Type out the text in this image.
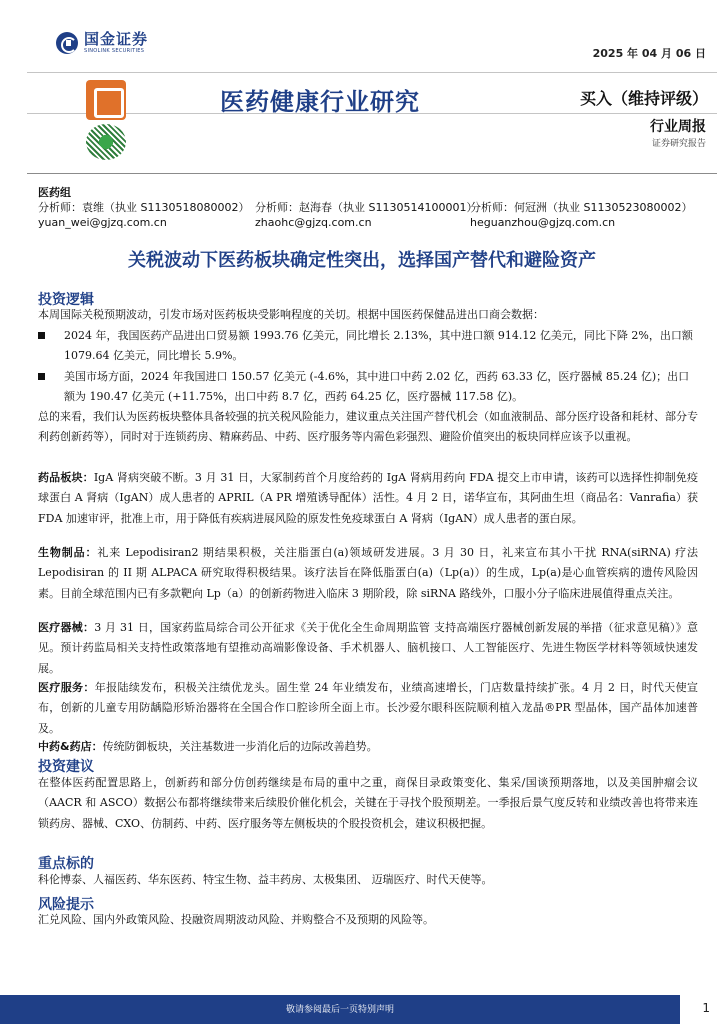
国金证券
SINOLINK SECURITIES	2025 年 04 月 06 日
医药健康行业研究	买入（维持评级）
行业周报
证券研究报告
医药组
分析师：袁维（执业 S1130518080002） 分析师：赵海春（执业 S1130514100001）
分析师：何冠洲（执业 S1130523080002）
yuan_wei@gjzq.com.cn	zhaohc@gjzq.com.cn	heguanzhou@gjzq.com.cn
关税波动下医药板块确定性突出，选择国产替代和避险资产
投资逻辑
本周国际关税预期波动，引发市场对医药板块受影响程度的关切。根据中国医药保健品进出口商会数据：
2024 年，我国医药产品进出口贸易额 1993.76 亿美元，同比增长 2.13%，其中进口额 914.12 亿美元，同比下降 2%，出口额 1079.64 亿美元，同比增长 5.9%。
美国市场方面，2024 年我国进口 150.57 亿美元 (-4.6%，其中进口中药 2.02 亿，西药 63.33 亿，医疗器械 85.24 亿)；出口额为 190.47 亿美元 (+11.75%，出口中药 8.7 亿，西药 64.25 亿，医疗器械 117.58 亿)。
总的来看，我们认为医药板块整体具备较强的抗关税风险能力，建议重点关注国产替代机会（如血液制品、部分医疗设备和耗材、部分专利药创新药等），同时对于连锁药房、精麻药品、中药、医疗服务等内需色彩强烈、避险价值突出的板块同样应该予以重视。
药品板块：IgA 肾病突破不断。3 月 31 日，大冢制药首个月度给药的 IgA 肾病用药向 FDA 提交上市申请，该药可以选择性抑制免疫球蛋白 A 肾病（IgAN）成人患者的 APRIL（A PR 增殖诱导配体）活性。4 月 2 日，诺华宣布，其阿曲生坦（商品名：Vanrafia）获 FDA 加速审评，批准上市，用于降低有疾病进展风险的原发性免疫球蛋白 A 肾病（IgAN）成人患者的蛋白尿。
生物制品：礼来 Lepodisiran2 期结果积极，关注脂蛋白(a)领域研发进展。3 月 30 日，礼来宣布其小干扰 RNA(siRNA) 疗法 Lepodisiran 的 II 期 ALPACA 研究取得积极结果。该疗法旨在降低脂蛋白(a)（Lp(a)）的生成，Lp(a)是心血管疾病的遗传风险因素。目前全球范围内已有多款靶向 Lp（a）的创新药物进入临床 3 期阶段，除 siRNA 路线外，口服小分子临床进展值得重点关注。
医疗器械：3 月 31 日，国家药监局综合司公开征求《关于优化全生命周期监管 支持高端医疗器械创新发展的举措（征求意见稿）》意见。预计药监局相关支持性政策落地有望推动高端影像设备、手术机器人、脑机接口、人工智能医疗、先进生物医学材料等领域快速发展。
医疗服务：年报陆续发布，积极关注绩优龙头。固生堂 24 年业绩发布，业绩高速增长，门店数量持续扩张。4 月 2 日，时代天使宣布，创新的儿童专用防龋隐形矫治器将在全国合作口腔诊所全面上市。长沙爱尔眼科医院顺利植入龙晶®PR 型晶体，国产晶体加速普及。
中药&药店：传统防御板块，关注基数进一步消化后的边际改善趋势。
投资建议
在整体医药配置思路上，创新药和部分仿创药继续是布局的重中之重，商保目录政策变化、集采/国谈预期落地，以及美国肿瘤会议（AACR 和 ASCO）数据公布都将继续带来后续股价催化机会，关键在于寻找个股预期差。一季报后景气度反转和业绩改善也将带来连锁药房、器械、CXO、仿制药、中药、医疗服务等左侧板块的个股投资机会，建议积极把握。
重点标的
科伦博泰、人福医药、华东医药、特宝生物、益丰药房、太极集团、 迈瑞医疗、时代天使等。
风险提示
汇兑风险、国内外政策风险、投融资周期波动风险、并购整合不及预期的风险等。
敬请参阅最后一页特别声明	1
